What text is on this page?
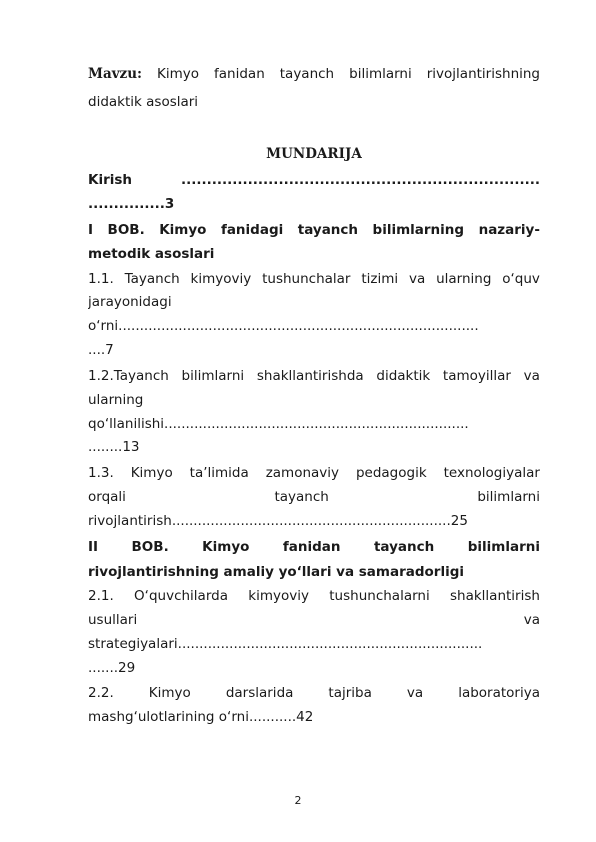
Mavzu: Kimyo fanidan tayanch bilimlarni rivojlantirishning
didaktik asoslari
MUNDARIJA
Kirish	......................................................................
...............3
I BOB. Kimyo fanidagi tayanch bilimlarning nazariy-
metodik asoslari
1.1. Tayanch kimyoviy tushunchalar tizimi va ularning o‘quv
jarayonidagi
o‘rni....................................................................................
....7
1.2.Tayanch bilimlarni shakllantirishda didaktik tamoyillar va
ularning
qo‘llanilishi.......................................................................
........13
1.3. Kimyo ta’limida zamonaviy pedagogik texnologiyalar
orqali	tayanch	bilimlarni
rivojlantirish.................................................................25
II BOB. Kimyo fanidan tayanch bilimlarni
rivojlantirishning amaliy yo‘llari va samaradorligi
2.1. O‘quvchilarda kimyoviy tushunchalarni shakllantirish
usullari	va
strategiyalari.......................................................................
.......29
2.2.	Kimyo	darslarida	tajriba	va	laboratoriya
mashg‘ulotlarining o‘rni...........42
2
